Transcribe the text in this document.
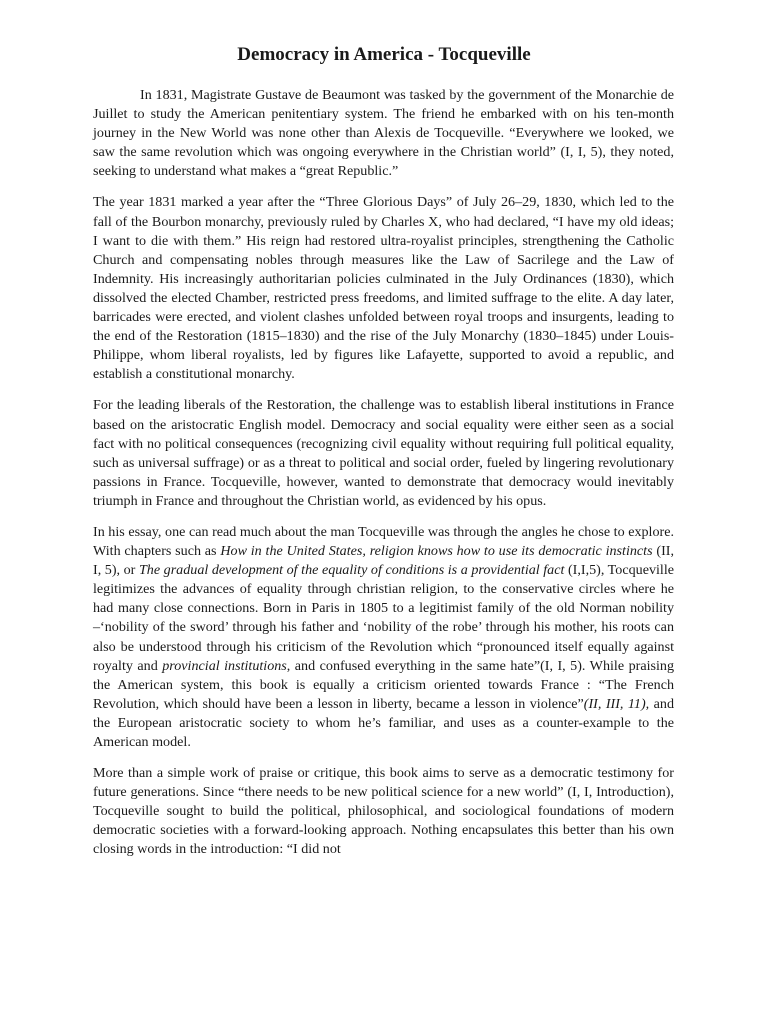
Democracy in America - Tocqueville

In 1831, Magistrate Gustave de Beaumont was tasked by the government of the Monarchie de Juillet to study the American penitentiary system. The friend he embarked with on his ten-month journey in the New World was none other than Alexis de Tocqueville. “Everywhere we looked, we saw the same revolution which was ongoing everywhere in the Christian world” (I, I, 5), they noted, seeking to understand what makes a “great Republic.”

The year 1831 marked a year after the “Three Glorious Days” of July 26–29, 1830, which led to the fall of the Bourbon monarchy, previously ruled by Charles X, who had declared, “I have my old ideas; I want to die with them.” His reign had restored ultra-royalist principles, strengthening the Catholic Church and compensating nobles through measures like the Law of Sacrilege and the Law of Indemnity. His increasingly authoritarian policies culminated in the July Ordinances (1830), which dissolved the elected Chamber, restricted press freedoms, and limited suffrage to the elite. A day later, barricades were erected, and violent clashes unfolded between royal troops and insurgents, leading to the end of the Restoration (1815–1830) and the rise of the July Monarchy (1830–1845) under Louis-Philippe, whom liberal royalists, led by figures like Lafayette, supported to avoid a republic, and establish a constitutional monarchy.

For the leading liberals of the Restoration, the challenge was to establish liberal institutions in France based on the aristocratic English model. Democracy and social equality were either seen as a social fact with no political consequences (recognizing civil equality without requiring full political equality, such as universal suffrage) or as a threat to political and social order, fueled by lingering revolutionary passions in France. Tocqueville, however, wanted to demonstrate that democracy would inevitably triumph in France and throughout the Christian world, as evidenced by his opus.

In his essay, one can read much about the man Tocqueville was through the angles he chose to explore. With chapters such as How in the United States, religion knows how to use its democratic instincts (II, I, 5), or The gradual development of the equality of conditions is a providential fact (I,I,5), Tocqueville legitimizes the advances of equality through christian religion, to the conservative circles where he had many close connections. Born in Paris in 1805 to a legitimist family of the old Norman nobility –‘nobility of the sword’ through his father and ‘nobility of the robe’ through his mother, his roots can also be understood through his criticism of the Revolution which “pronounced itself equally against royalty and provincial institutions, and confused everything in the same hate”(I, I, 5). While praising the American system, this book is equally a criticism oriented towards France : “The French Revolution, which should have been a lesson in liberty, became a lesson in violence”(II, III, 11), and the European aristocratic society to whom he’s familiar, and uses as a counter-example to the American model.

More than a simple work of praise or critique, this book aims to serve as a democratic testimony for future generations. Since “there needs to be new political science for a new world” (I, I, Introduction), Tocqueville sought to build the political, philosophical, and sociological foundations of modern democratic societies with a forward-looking approach. Nothing encapsulates this better than his own closing words in the introduction: “I did not
